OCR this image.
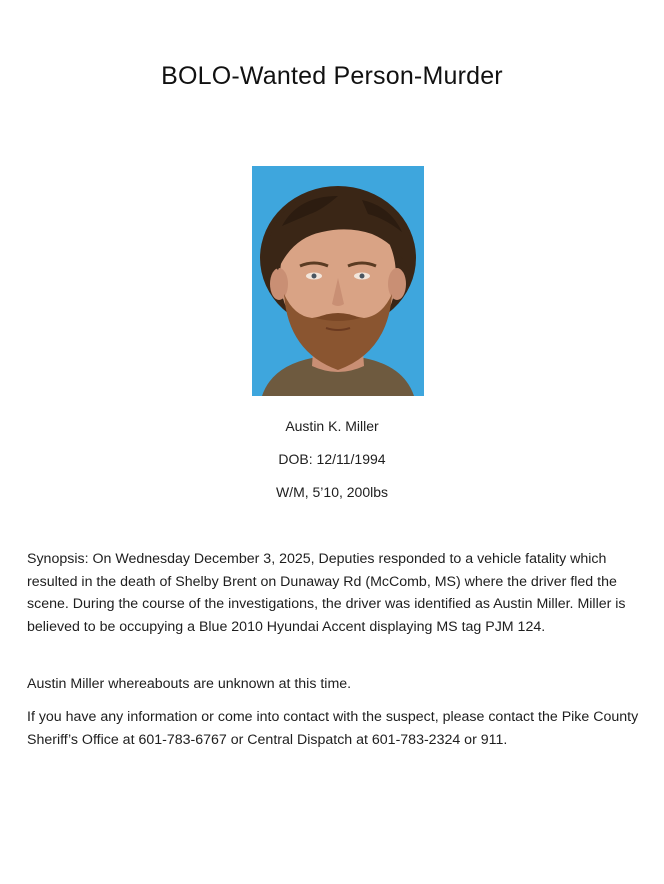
BOLO-Wanted Person-Murder
Austin K. Miller
DOB: 12/11/1994
W/M, 5’10, 200lbs

Synopsis: On Wednesday December 3, 2025, Deputies responded to a vehicle fatality which resulted in the death of Shelby Brent on Dunaway Rd (McComb, MS) where the driver fled the scene. During the course of the investigations, the driver was identified as Austin Miller. Miller is believed to be occupying a Blue 2010 Hyundai Accent displaying MS tag PJM 124.

Austin Miller whereabouts are unknown at this time.

If you have any information or come into contact with the suspect, please contact the Pike County Sheriff’s Office at 601-783-6767 or Central Dispatch at 601-783-2324 or 911.
